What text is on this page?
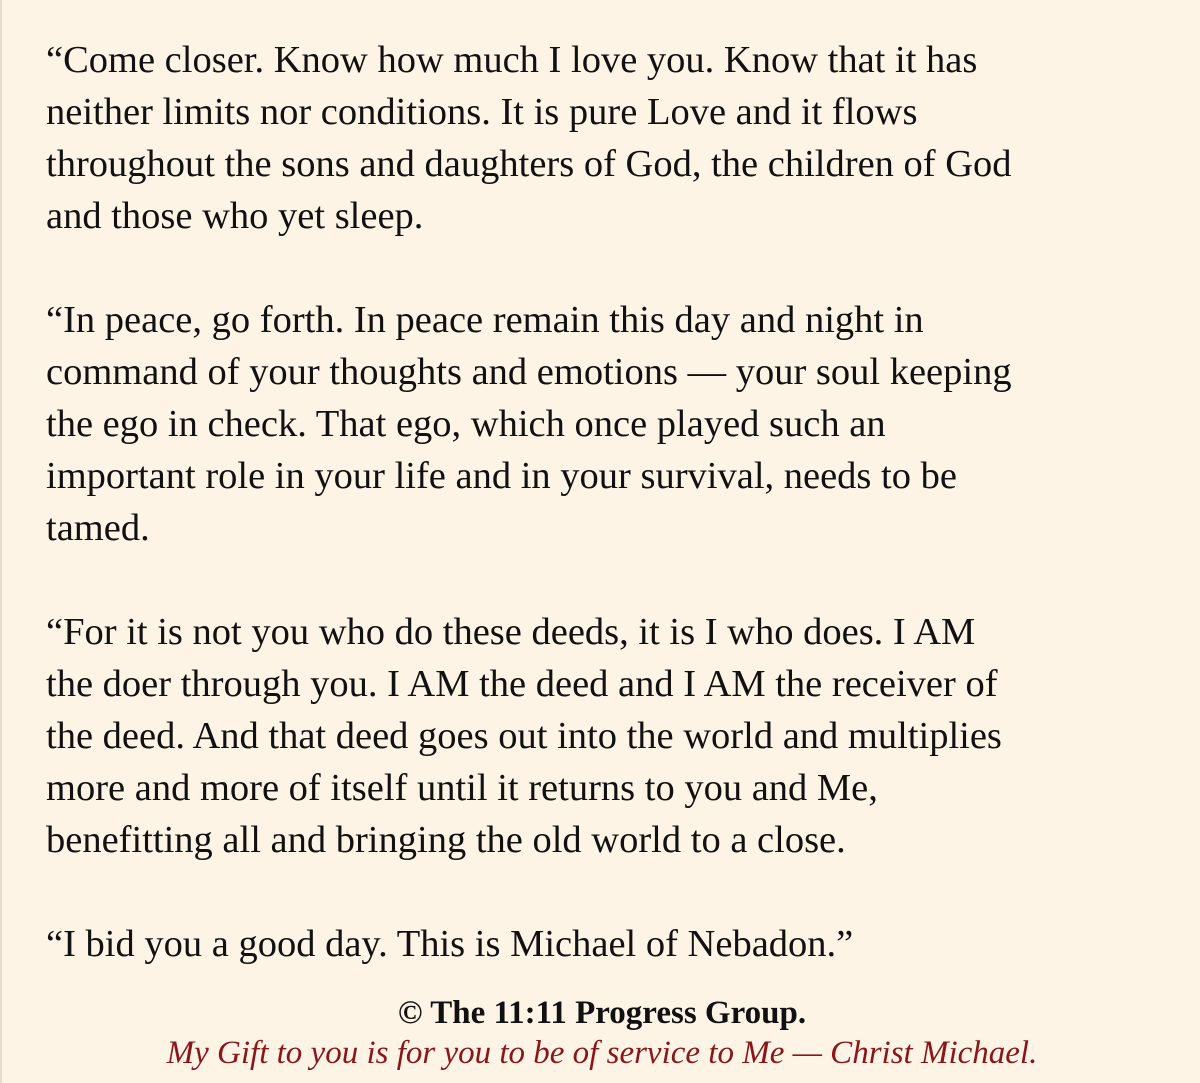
“Come closer. Know how much I love you. Know that it has
neither limits nor conditions. It is pure Love and it flows
throughout the sons and daughters of God, the children of God
and those who yet sleep.

“In peace, go forth. In peace remain this day and night in
command of your thoughts and emotions — your soul keeping
the ego in check. That ego, which once played such an
important role in your life and in your survival, needs to be
tamed.

“For it is not you who do these deeds, it is I who does. I AM
the doer through you. I AM the deed and I AM the receiver of
the deed. And that deed goes out into the world and multiplies
more and more of itself until it returns to you and Me,
benefitting all and bringing the old world to a close.

“I bid you a good day. This is Michael of Nebadon.”

© The 11:11 Progress Group.
My Gift to you is for you to be of service to Me — Christ Michael.
